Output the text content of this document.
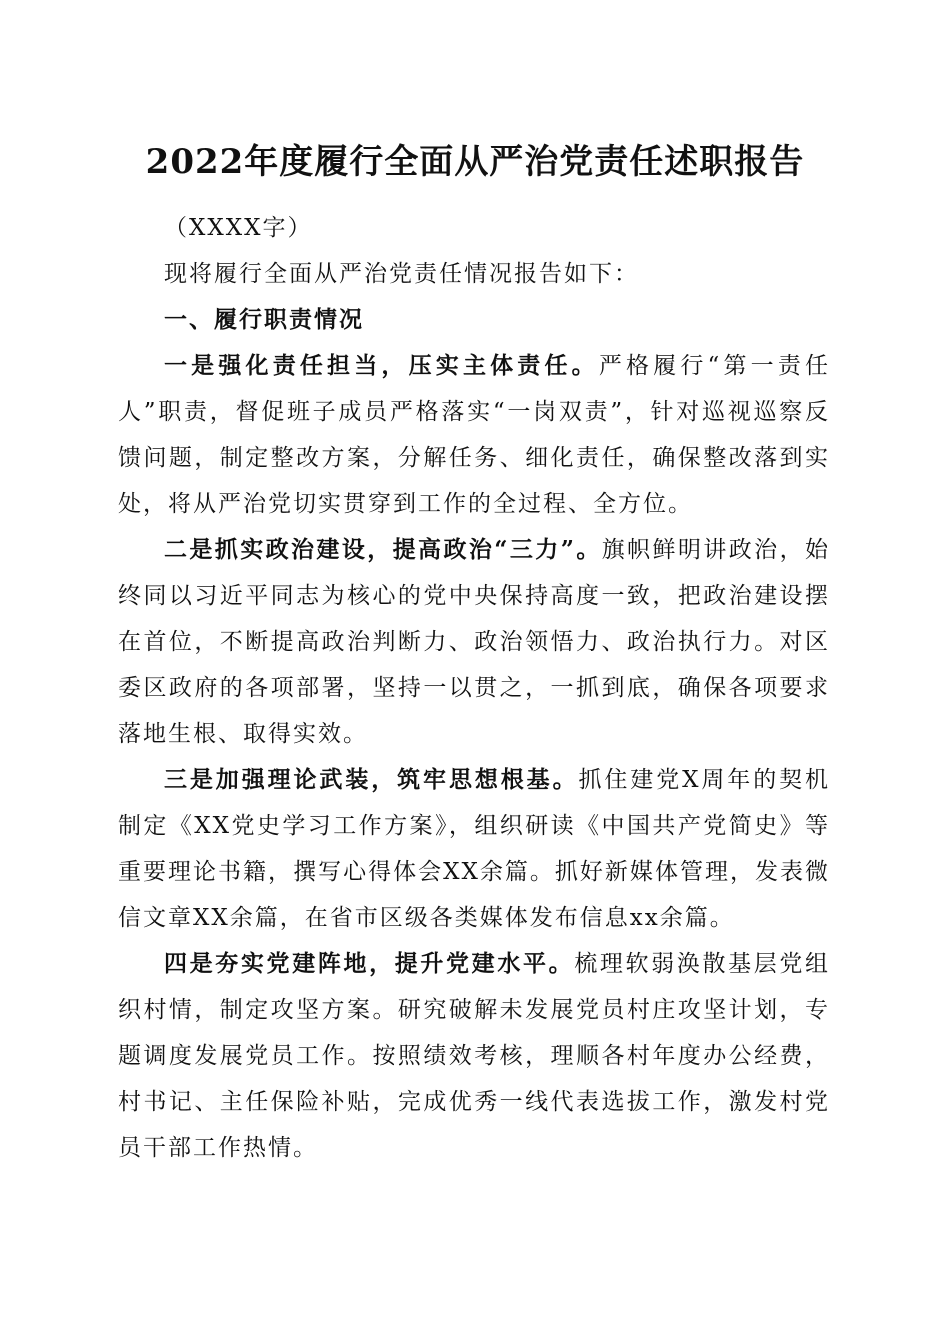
2022年度履行全面从严治党责任述职报告

（XXXX字）

现将履行全面从严治党责任情况报告如下：

一、履行职责情况

一是强化责任担当，压实主体责任。严格履行“第一责任人”职责，督促班子成员严格落实“一岗双责”，针对巡视巡察反馈问题，制定整改方案，分解任务、细化责任，确保整改落到实处，将从严治党切实贯穿到工作的全过程、全方位。

二是抓实政治建设，提高政治“三力”。旗帜鲜明讲政治，始终同以习近平同志为核心的党中央保持高度一致，把政治建设摆在首位，不断提高政治判断力、政治领悟力、政治执行力。对区委区政府的各项部署，坚持一以贯之，一抓到底，确保各项要求落地生根、取得实效。

三是加强理论武装，筑牢思想根基。抓住建党X周年的契机制定《XX党史学习工作方案》，组织研读《中国共产党简史》等重要理论书籍，撰写心得体会XX余篇。抓好新媒体管理，发表微信文章XX余篇，在省市区级各类媒体发布信息xx余篇。

四是夯实党建阵地，提升党建水平。梳理软弱涣散基层党组织村情，制定攻坚方案。研究破解未发展党员村庄攻坚计划，专题调度发展党员工作。按照绩效考核，理顺各村年度办公经费，村书记、主任保险补贴，完成优秀一线代表选拔工作，激发村党员干部工作热情。
